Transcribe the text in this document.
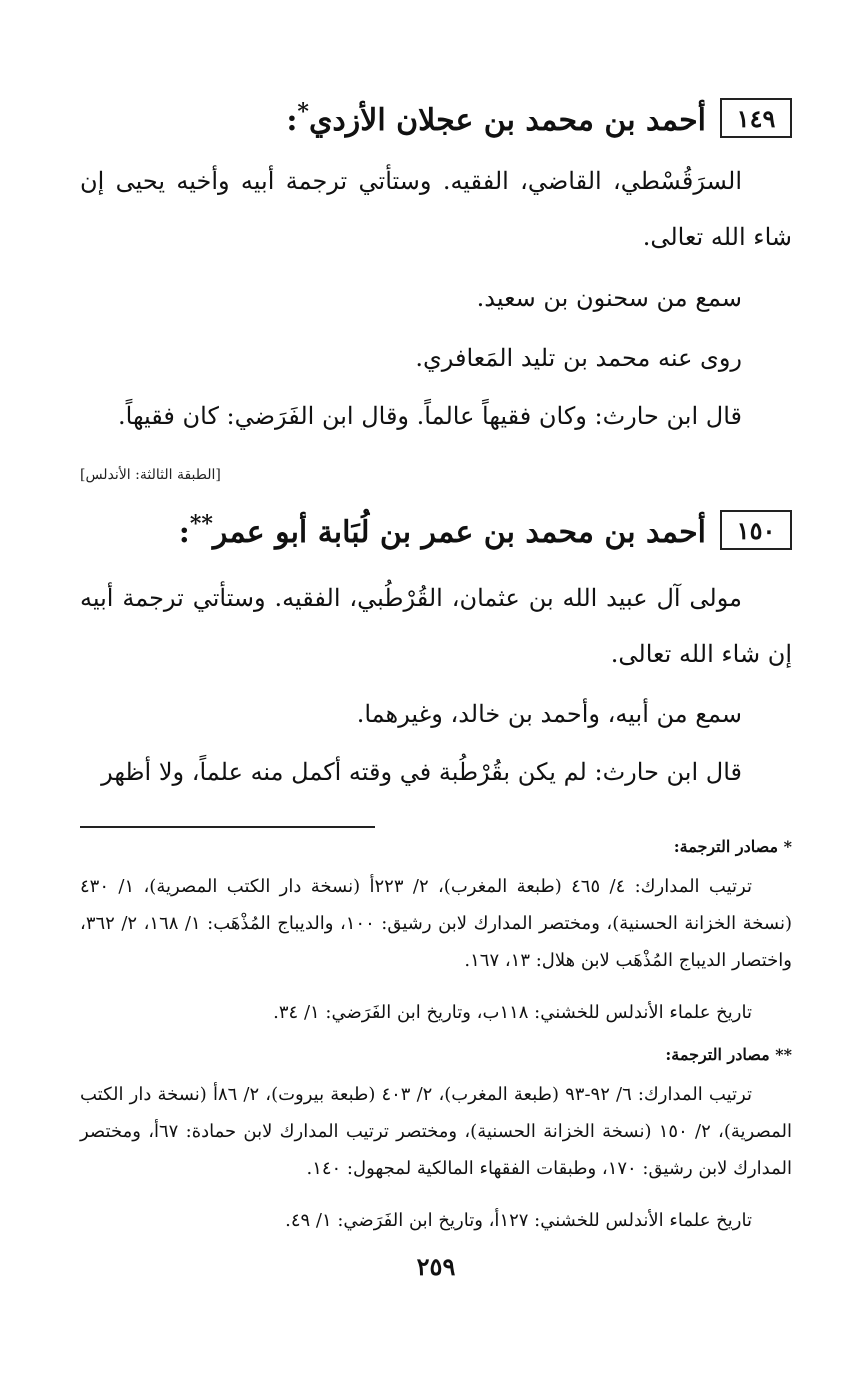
١٤٩
أحمد بن محمد بن عجلان الأزدي*:

السرَقُسْطي، القاضي، الفقيه. وستأتي ترجمة أبيه وأخيه يحيى إن شاء الله تعالى.

سمع من سحنون بن سعيد.

روى عنه محمد بن تليد المَعافري.

قال ابن حارث: وكان فقيهاً عالماً. وقال ابن الفَرَضي: كان فقيهاً.

[الطبقة الثالثة: الأندلس]
١٥٠
أحمد بن محمد بن عمر بن لُبَابة أبو عمر**:

مولى آل عبيد الله بن عثمان، القُرْطُبي، الفقيه. وستأتي ترجمة أبيه إن شاء الله تعالى.

سمع من أبيه، وأحمد بن خالد، وغيرهما.

قال ابن حارث: لم يكن بقُرْطُبة في وقته أكمل منه علماً، ولا أظهر

* مصادر الترجمة:

ترتيب المدارك: ٤/ ٤٦٥ (طبعة المغرب)، ٢/ ٢٢٣أ (نسخة دار الكتب المصرية)، ١/ ٤٣٠ (نسخة الخزانة الحسنية)، ومختصر المدارك لابن رشيق: ١٠٠، والديباج المُذْهَب: ١/ ١٦٨، ٢/ ٣٦٢، واختصار الديباج المُذْهَب لابن هلال: ١٣، ١٦٧.

تاريخ علماء الأندلس للخشني: ١١٨ب، وتاريخ ابن الفَرَضي: ١/ ٣٤.

** مصادر الترجمة:

ترتيب المدارك: ٦/ ٩٢-٩٣ (طبعة المغرب)، ٢/ ٤٠٣ (طبعة بيروت)، ٢/ ٨٦أ (نسخة دار الكتب المصرية)، ٢/ ١٥٠ (نسخة الخزانة الحسنية)، ومختصر ترتيب المدارك لابن حمادة: ٦٧أ، ومختصر المدارك لابن رشيق: ١٧٠، وطبقات الفقهاء المالكية لمجهول: ١٤٠.

تاريخ علماء الأندلس للخشني: ١٢٧أ، وتاريخ ابن الفَرَضي: ١/ ٤٩.

٢٥٩
